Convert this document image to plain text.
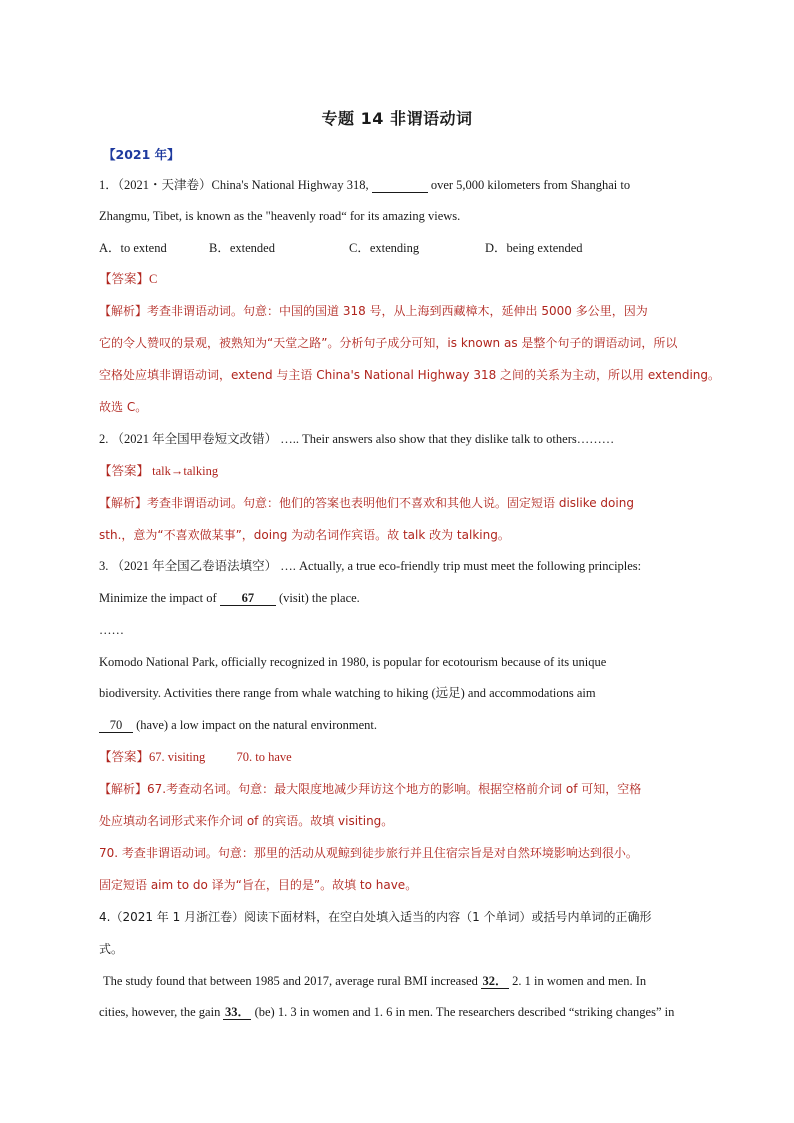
专题 14 非谓语动词
【2021 年】
1．（2021・天津卷）China's National Highway 318,	over 5,000 kilometers from Shanghai to
Zhangmu, Tibet, is known as the "heavenly road“ for its amazing views.
A．to extend	B．extended	C．extending	D．being extended
【答案】C
【解析】考查非谓语动词。句意：中国的国道 318 号，从上海到西藏樟木，延伸出 5000 多公里，因为
它的令人赞叹的景观，被熟知为“天堂之路”。分析句子成分可知，is known as 是整个句子的谓语动词，所以
空格处应填非谓语动词，extend 与主语 China's National Highway 318 之间的关系为主动，所以用 extending。
故选 C。
2. （2021 年全国甲卷短文改错） ….. Their answers also show that they dislike talk to others………
【答案】 talk→talking
【解析】考查非谓语动词。句意：他们的答案也表明他们不喜欢和其他人说。固定短语 dislike doing
sth.，意为“不喜欢做某事”，doing 为动名词作宾语。故 talk 改为 talking。
3. （2021 年全国乙卷语法填空） …. Actually, a true eco-friendly trip must meet the following principles:
Minimize the impact of 67 (visit) the place.
……
Komodo National Park, officially recognized in 1980, is popular for ecotourism because of its unique
biodiversity. Activities there range from whale watching to hiking (远足) and accommodations aim
70 (have) a low impact on the natural environment.
【答案】67. visiting          70. to have
【解析】67.考查动名词。句意：最大限度地减少拜访这个地方的影响。根据空格前介词 of 可知，空格
处应填动名词形式来作介词 of 的宾语。故填 visiting。
70. 考查非谓语动词。句意：那里的活动从观鲸到徒步旅行并且住宿宗旨是对自然环境影响达到很小。
固定短语 aim to do 译为“旨在，目的是”。故填 to have。
4.（2021 年 1 月浙江卷）阅读下面材料，在空白处填入适当的内容（1 个单词）或括号内单词的正确形
式。
The study found that between 1985 and 2017, average rural BMI increased 32． 2. 1 in women and men. In
cities, however, the gain 33． (be) 1. 3 in women and 1. 6 in men. The researchers described “striking changes” in
